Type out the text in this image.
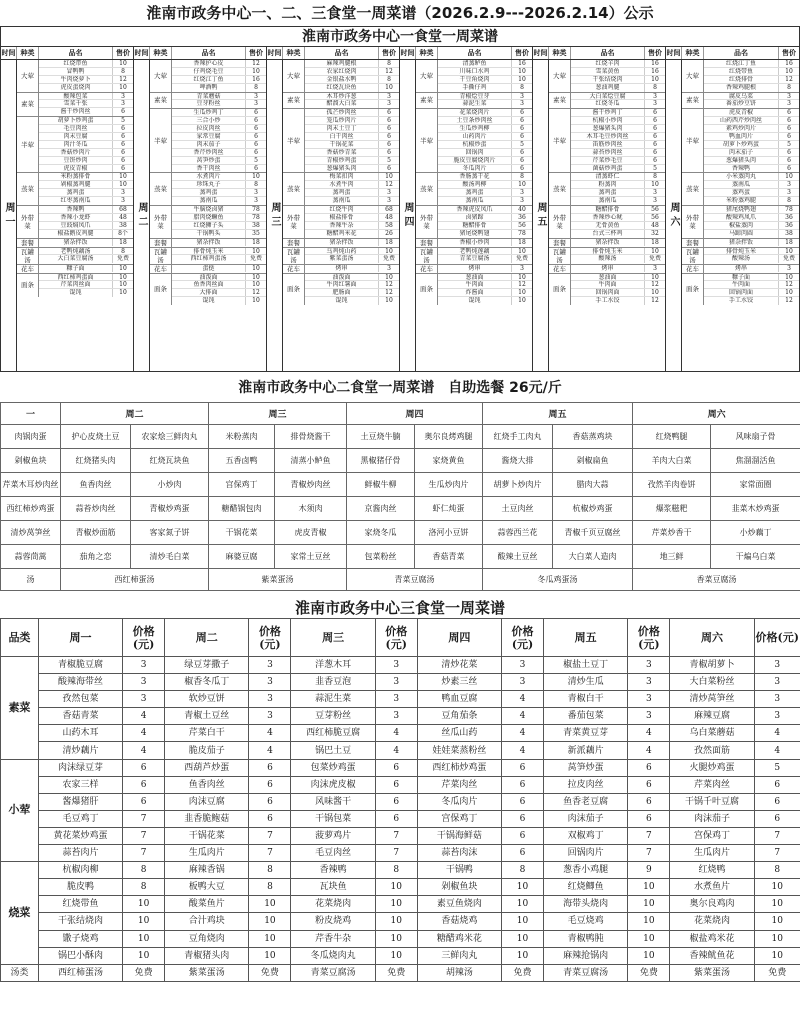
淮南市政务中心一、二、三食堂一周菜谱（2026.2.9---2026.2.14）公示
淮南市政务中心一食堂一周菜谱
时间 种类	品名	售价
周一
大荤
红烧带鱼	10
冒鸭鸭	8
牛肉烧萝卜	12
虎皮蛋烧肉	10
素菜
酸辣包菜	3
雪菜千张	3
酱干炒肉丝	6
半荤
胡萝卜炒鸡蛋	5
毛豆肉丝	6
肉末豆腐	6
肉汁冬瓜	6
香菇炒肉片	6
豆饼炒肉	6
虎皮青椒	6
蒸菜
米粉蒸排骨	10
剁椒蒸鸡腿	10
蒸鸡蛋	3
红枣蒸南瓜	3
外带菜
香辣鸭	68
香辣小龙虾	48
豆豉焖凤爪	38
椒盐鹅皮鸡腿	8个
套餐	猪杂拌饭	18
瓦罐汤
老鸭炖藕汤	8
大白菜豆腐汤	免费
花车	糠子面	10
面条
西红柿鸡蛋面	10
芹菜肉丝面	10
馄饨	10
时间 种类	品名	售价
周二
大荤
香辣护心皮	12
仔鸡烧毛豆	10
红烧江丁鱼	16
啤酒鸭	8
素菜
青菜蘑菇	3
豆芽粉丝	3
半荤
生瓜炒鸡丁	6
三合小炒	6
拉皮肉丝	6
家常豆腐	6
肉末茄子	6
香芹炒肉丝	6
莴笋炒蛋	5
香干肉丝	6
蒸菜
水煮肉片	10
珍珠丸子	8
蒸鸡蛋	3
蒸南瓜	3
外带菜
牛脑烧卤猪	78
腊肉烧鳜鱼	78
红烧狮子头	38
干锅鸭头	35
套餐	猪杂拌饭	18
瓦罐汤
排骨炖玉米	10
西红柿鸡蛋汤	免费
花车	蛋挞	10
面条
油泼面	10
鱼香肉丝面	10
大排面	12
馄饨	10
时间 种类	品名	售价
周三
大荤
麻辣鸡腿根	8
农家红烧肉	12
金银盐水鸭	8
红烧瓦块鱼	10
素菜
木耳炒洋葱	3
醋溜大白菜	3
半荤
孤芒炒肉丝	6
笼瓜炒肉片	6
肉末土豆丁	6
白干肉丝	6
干锅花菜	6
香菇炒青菜	6
青椒炒鸡蛋	5
葱爆猪头肉	6
蒸菜
梅菜扣肉	10
水煮牛肉	12
蒸鸡蛋	3
蒸南瓜	3
外带菜
红烧牛肉	68
椒盐排骨	48
香辣牛杂	58
糖醋鸡米花	26
套餐	猪杂拌饭	18
瓦罐汤
乌鸡炖山药	10
紫菜蛋汤	免费
花车	烤串	3
面条
油泼面	10
牛肉红薯面	12
肥肠面	12
馄饨	10
时间 种类	品名	售价
周四
大荤
清蒸鲈鱼	16
川味口水鸡	10
干豆角烧肉	10
手撕仔鸡	8
素菜
青椒烩豆芽	3
蒜泥生菜	3
半荤
花菜烧肉片	6
土豆条炒肉丝	6
生瓜炒鸡柳	6
山药肉片	6
杭椒炒蛋	5
回锅肉	6
脆皮豆腐烧肉片	6
冬瓜肉片	6
蒸菜
香肠蒸干花	8
酸汤鸡柳	10
蒸鸡蛋	3
蒸南瓜	3
外带菜
香辣虎皮凤爪	40
卤猪蹄	36
糖醋排骨	56
猪尾烧鸭翅	78
套餐	香椒小炒肉	18
瓦罐汤
老鸭炖莲藕	10
青菜豆腐汤	免费
花车	烤串	3
面条
葱油面	10
牛肉面	12
炸酱面	10
馄饨	10
时间 种类	品名	售价
周五
大荤
红烧羊肉	16
雪菜黄鱼	16
干张结烧肉	10
葱油鸡腿	8
素菜
大白菜烩豆腐	3
红烧冬瓜	3
半荤
酱干炒鸡丁	6
杭椒小炒肉	6
葱爆猪头肉	6
木耳毛豆炒肉丝	6
笛筋炒肉丝	6
蒜苔炒肉丝	6
芹菜炒毛豆	6
菌菇炒鸡蛋	5
蒸菜
清蒸虾仁	8
粉蒸肉	10
蒸鸡蛋	3
蒸南瓜	3
外带菜
糖醋排骨	56
香辣炒心鱿	56
无骨黄鱼	48
台式三杯鸡	32
套餐	猪杂拌饭	18
瓦罐汤
排骨炖玉米	10
酸辣汤	免费
花车	烤串	3
面条
葱油面	10
牛肉面	12
回锅肉面	10
手工水饺	12
时间 种类	品名	售价
周六
大荤
红烧江丁鱼	16
红烧带鱼	10
红烧排骨	12
香辣鸡腿根	8
素菜
腐皮乌菜	3
番茄炒豆饼	3
半荤
虎皮青椒	6
山药西芹炒肉丝	6
素鸡炒肉片	6
鸭血肉片	6
胡萝卜炒鸡蛋	5
肉末茄子	6
葱爆猪头肉	6
香辣鸭	6
蒸菜
小米蒸肉丸	10
蒸南瓜	3
蒸鸡蛋	3
米粉蒸鸡腿	8
外带菜
猪尾烧鸭翅	78
酸辣鸡凤爪	36
椒盐蒸肉	36
马蹄肉圆	38
套餐	猪杂拌饭	18
瓦罐汤
排骨炖玉米	10
酸辣汤	免费
花车	烤串	3
面条
糠子面	10
牛肉面	12
回锅肉面	10
手工水饺	12
淮南市政务中心二食堂一周菜谱　自助选餐 26元/斤
一	周二		周三		周四		周五		周六	
肉锅肉蛋	护心皮烧土豆	农家烩三鲜肉丸	米粉蒸肉	排骨烧酱干	土豆烧牛腩	奥尔良烤鸡腿	红烧手工肉丸	香菇蒸鸡块	红烧鸭腿	风味扇子骨
剁椒鱼块	红烧猪头肉	红烧瓦块鱼	五香卤鸭	清蒸小鲈鱼	黑椒猪仔骨	家烧黄鱼	酱烧大排	剁椒扁鱼	羊肉大白菜	焦溜溜活鱼
芹菜木耳炒肉丝	鱼香肉丝	小炒肉	宫保鸡丁	青椒炒肉丝	鲜椒牛柳	生瓜炒肉片	胡萝卜炒肉片	腊肉大蒜	孜然羊肉卷饼	家常面圈
西红柿炒鸡蛋	蒜苔炒肉丝	青椒炒鸡蛋	糖醋锅包肉	木须肉	京酱肉丝	虾仁炖蛋	土豆肉丝	杭椒炒鸡蛋	爆浆糍粑	韭菜木炒鸡蛋
清炒莴笋丝	青椒炒面筋	客家氮子饼	干锅花菜	虎皮青椒	家烧冬瓜	洛河小豆饼	蒜蓉西兰花	青椒千页豆腐丝	芹菜炒香干	小炒藕丁
蒜蓉茼蒿	茄角之恋	清炒毛白菜	麻婆豆腐	家常土豆丝	包菜粉丝	香菇青菜	酸辣土豆丝	大白菜人造肉	地三鲜	干煸乌白菜
汤	西红柿蛋汤		紫菜蛋汤		青菜豆腐汤		冬瓜鸡蛋汤		香菜豆腐汤	
淮南市政务中心三食堂一周菜谱
品类	周一	价格(元)	周二	价格(元)	周三	价格(元)	周四	价格(元)	周五	价格(元)	周六	价格(元)
素菜	青椒脆豆腐	3	绿豆芽撒子	3	洋葱木耳	3	清炒花菜	3	椒盐土豆丁	3	青椒胡萝卜	3
	酸辣海带丝	3	椒香冬瓜丁	3	韭香豆泡	3	炒素三丝	3	清炒生瓜	3	大白菜粉丝	3
	孜然包菜	3	软炒豆饼	3	蒜泥生菜	3	鸭血豆腐	4	青椒白干	3	清炒莴笋丝	3
	香菇青菜	4	青椒土豆丝	3	豆芽粉丝	3	豆角茄条	4	番茄包菜	3	麻辣豆腐	3
	山药木耳	4	芹菜白干	4	西红柿脆豆腐	4	丝瓜山药	4	青菜黄豆芽	4	乌白菜蘑菇	4
	清炒藕片	4	脆皮茄子	4	锅巴土豆	4	娃娃菜蒸粉丝	4	新派藕片	4	孜然面筋	4
小荤	肉沫绿豆芽	6	西葫芦炒蛋	6	包菜炒鸡蛋	6	西红柿炒鸡蛋	6	莴笋炒蛋	6	火腿炒鸡蛋	5
	农家三样	6	鱼香肉丝	6	肉沫虎皮椒	6	芹菜肉丝	6	拉皮肉丝	6	芹菜肉丝	6
	酱爆猪肝	6	肉沫豆腐	6	风味酱干	6	冬瓜肉片	6	鱼香老豆腐	6	干锅千叶豆腐	6
	毛豆鸡丁	7	韭香脆鲍菇	6	干锅包菜	6	宫保鸡丁	6	肉沫茄子	6	肉沫茄子	6
	黄花菜炒鸡蛋	7	干锅花菜	7	菠萝鸡片	7	干锅海鲜菇	6	双椒鸡丁	7	宫保鸡丁	7
	蒜苔肉片	7	生瓜肉片	7	毛豆肉丝	7	蒜苔肉沫	6	回锅肉片	7	生瓜肉片	7
烧菜	杭椒肉柳	8	麻辣香锅	8	香辣鸭	8	干锅鸭	8	葱香小鸡腿	9	红烧鸭	8
	脆皮鸭	8	板鸭大豆	8	瓦块鱼	10	剁椒鱼块	10	红烧鲫鱼	10	水煮鱼片	10
	红烧带鱼	10	酸菜鱼片	10	花菜烧肉	10	素豆鱼烧肉	10	海带头烧肉	10	奥尔良鸡肉	10
	干张结烧肉	10	合汁鸡块	10	粉皮烧鸡	10	香菇烧鸡	10	毛豆烧鸡	10	花菜烧肉	10
	馓子烧鸡	10	豆角烧肉	10	芹香牛杂	10	糖醋鸡米花	10	青椒鸭肫	10	椒盐鸡米花	10
	锅巴小酥肉	10	青椒猪头肉	10	冬瓜烧肉丸	10	三鲜肉丸	10	麻辣抢锅肉	10	香辣鱿鱼花	10
汤类	西红柿蛋汤	免费	紫菜蛋汤	免费	青菜豆腐汤	免费	胡辣汤	免费	青菜豆腐汤	免费	紫菜蛋汤	免费
